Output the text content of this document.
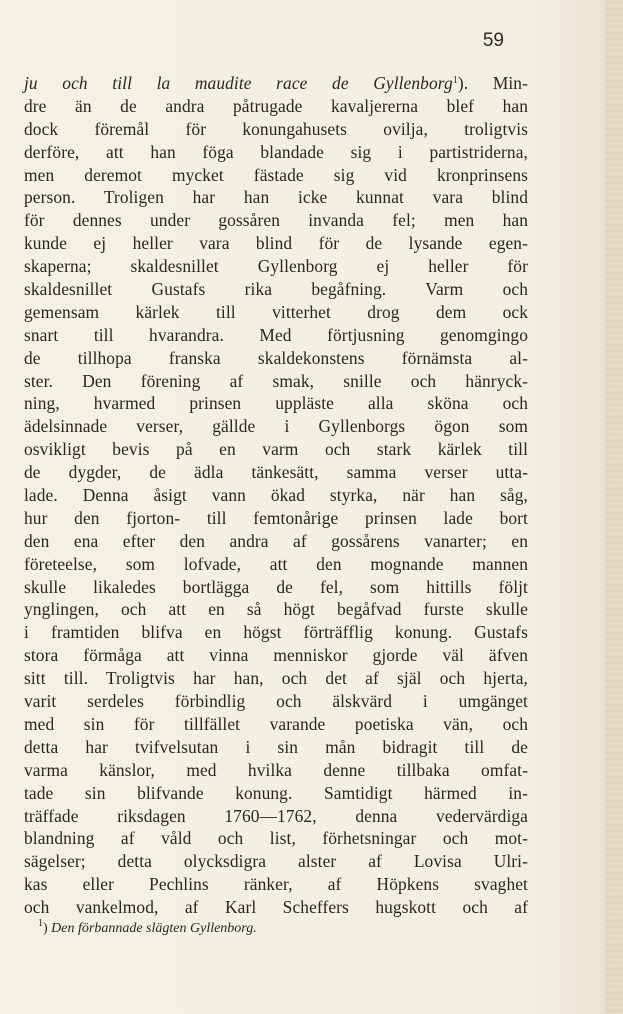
59
ju och till la maudite race de Gyllenborg$^1$). Min-
dre än de andra påtrugade kavaljererna blef han
dock föremål för konungahusets ovilja, troligtvis
derföre, att han föga blandade sig i partistriderna,
men deremot mycket fästade sig vid kronprinsens
person. Troligen har han icke kunnat vara blind
för dennes under gossåren invanda fel; men han
kunde ej heller vara blind för de lysande egen-
skaperna; skaldesnillet Gyllenborg ej heller för
skaldesnillet Gustafs rika begåfning. Varm och
gemensam kärlek till vitterhet drog dem ock
snart till hvarandra. Med förtjusning genomgingo
de tillhopa franska skaldekonstens förnämsta al-
ster. Den förening af smak, snille och hänryck-
ning, hvarmed prinsen uppläste alla sköna och
ädelsinnade verser, gällde i Gyllenborgs ögon som
osvikligt bevis på en varm och stark kärlek till
de dygder, de ädla tänkesätt, samma verser utta-
lade. Denna åsigt vann ökad styrka, när han såg,
hur den fjorton- till femtonårige prinsen lade bort
den ena efter den andra af gossårens vanarter; en
företeelse, som lofvade, att den mognande mannen
skulle likaledes bortlägga de fel, som hittills följt
ynglingen, och att en så högt begåfvad furste skulle
i framtiden blifva en högst förträfflig konung. Gustafs
stora förmåga att vinna menniskor gjorde väl äfven
sitt till. Troligtvis har han, och det af själ och hjerta,
varit serdeles förbindlig och älskvärd i umgänget
med sin för tillfället varande poetiska vän, och
detta har tvifvelsutan i sin mån bidragit till de
varma känslor, med hvilka denne tillbaka omfat-
tade sin blifvande konung. Samtidigt härmed in-
träffade riksdagen 1760—1762, denna vedervärdiga
blandning af våld och list, förhetsningar och mot-
sägelser; detta olycksdigra alster af Lovisa Ulri-
kas eller Pechlins ränker, af Höpkens svaghet
och vankelmod, af Karl Scheffers hugskott och af
$^1$) Den förbannade slägten Gyllenborg.
